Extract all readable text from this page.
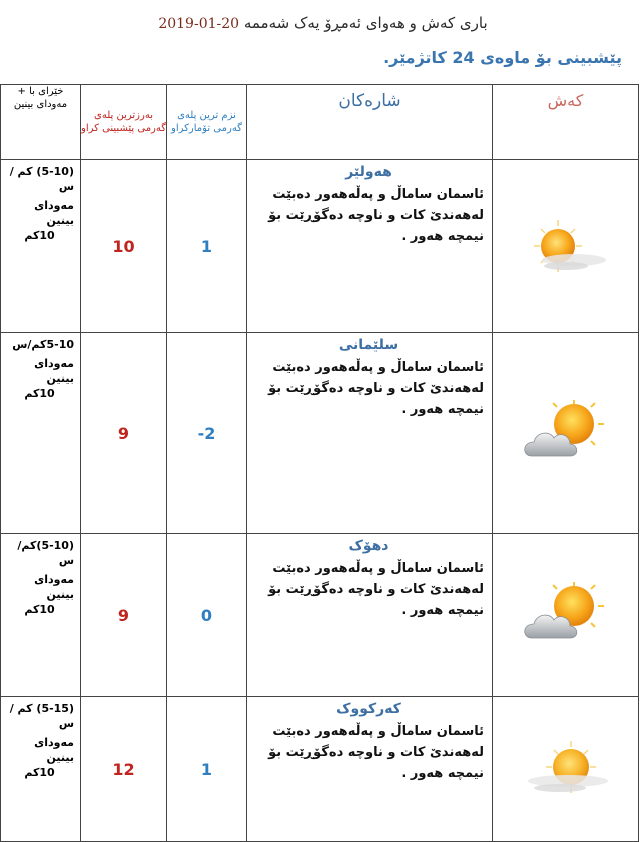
باری کەش و هەوای ئەمڕۆ یەک شەممە 2019-01-20
پێشبینی بۆ ماوەی 24 کاتژمێر.
خێرای با + مەودای بینین	بەرزترین پلەی گەرمی پێشبینی کراو	نزم ترین پلەی گەرمی تۆمارکراو	شارەکان	کەش

(5-10) کم /س
مەودای بینین
10کم	10	1	هەولێر
ئاسمان ساماڵ و پەڵەهەور دەبێت لەهەندێ کات و ناوچە دەگۆڕێت بۆ نیمچە هەور .

5-10کم/س
مەودای بینین
10کم	9	-2	سلێمانی
ئاسمان ساماڵ و پەڵەهەور دەبێت لەهەندێ کات و ناوچە دەگۆڕێت بۆ نیمچە هەور .

(5-10)کم/س
مەودای بینین
10کم	9	0	دهۆک
ئاسمان ساماڵ و پەڵەهەور دەبێت لەهەندێ کات و ناوچە دەگۆڕێت بۆ نیمچە هەور .

(5-15) کم /س
مەودای بینین
10کم	12	1	کەرکووک
ئاسمان ساماڵ و پەڵەهەور دەبێت لەهەندێ کات و ناوچە دەگۆڕێت بۆ نیمچە هەور .
